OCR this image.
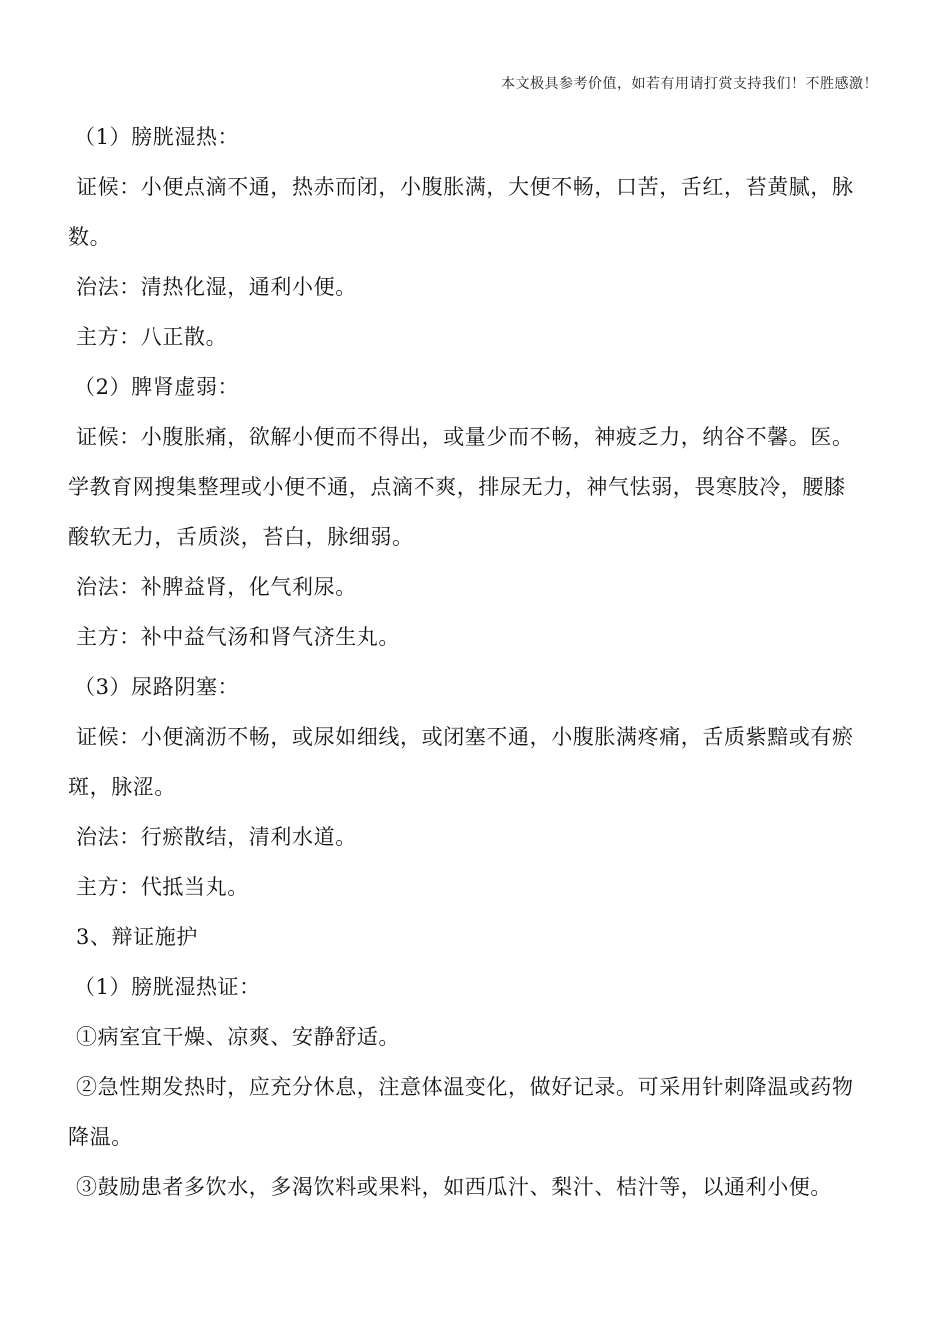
本文极具参考价值，如若有用请打赏支持我们！不胜感激！
（1）膀胱湿热：
证候：小便点滴不通，热赤而闭，小腹胀满，大便不畅，口苦，舌红，苔黄腻，脉
数。
治法：清热化湿，通利小便。
主方：八正散。
（2）脾肾虚弱：
证候：小腹胀痛，欲解小便而不得出，或量少而不畅，神疲乏力，纳谷不馨。医。
学教育网搜集整理或小便不通，点滴不爽，排尿无力，神气怯弱，畏寒肢冷，腰膝
酸软无力，舌质淡，苔白，脉细弱。
治法：补脾益肾，化气利尿。
主方：补中益气汤和肾气济生丸。
（3）尿路阴塞：
证候：小便滴沥不畅，或尿如细线，或闭塞不通，小腹胀满疼痛，舌质紫黯或有瘀
斑，脉涩。
治法：行瘀散结，清利水道。
主方：代抵当丸。
3、辩证施护
（1）膀胱湿热证：
①病室宜干燥、凉爽、安静舒适。
②急性期发热时，应充分休息，注意体温变化，做好记录。可采用针刺降温或药物
降温。
③鼓励患者多饮水，多渴饮料或果料，如西瓜汁、梨汁、桔汁等，以通利小便。
